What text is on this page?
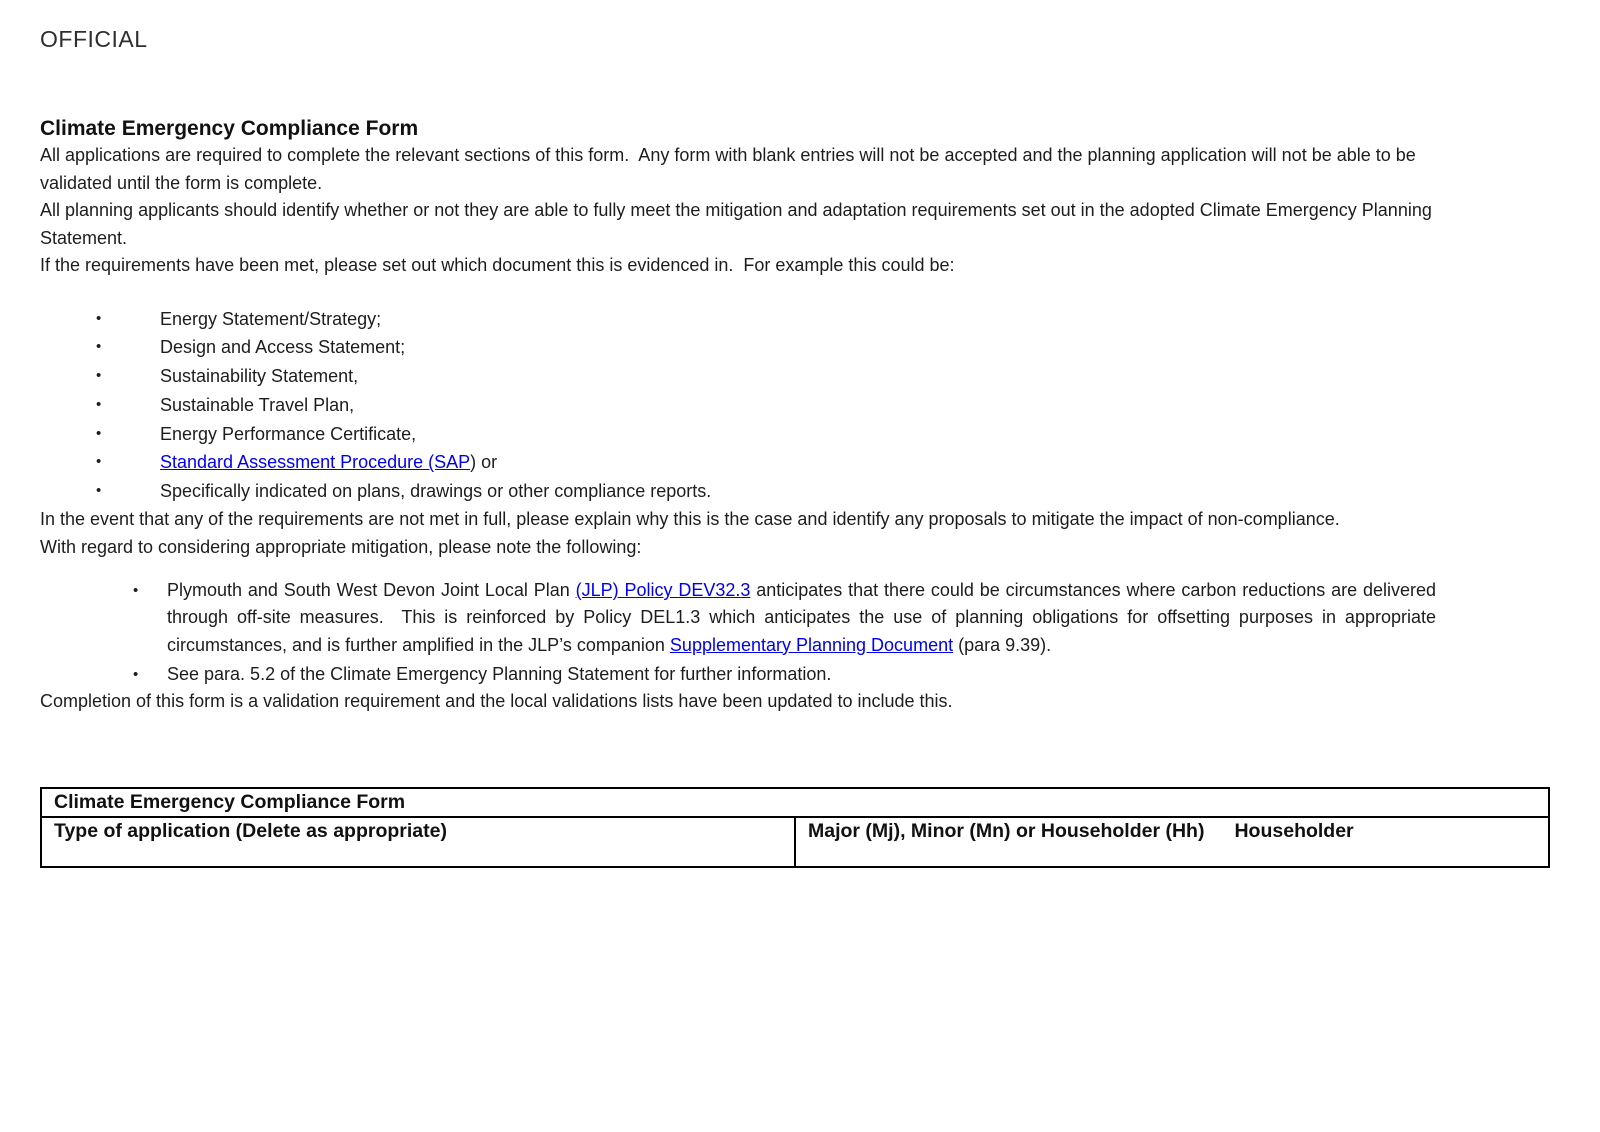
OFFICIAL
Climate Emergency Compliance Form

All applications are required to complete the relevant sections of this form.  Any form with blank entries will not be accepted and the planning application will not be able to be validated until the form is complete.

All planning applicants should identify whether or not they are able to fully meet the mitigation and adaptation requirements set out in the adopted Climate Emergency Planning Statement.

If the requirements have been met, please set out which document this is evidenced in.  For example this could be:

•	Energy Statement/Strategy;
•	Design and Access Statement;
•	Sustainability Statement,
•	Sustainable Travel Plan,
•	Energy Performance Certificate,
•	Standard Assessment Procedure (SAP) or
•	Specifically indicated on plans, drawings or other compliance reports.

In the event that any of the requirements are not met in full, please explain why this is the case and identify any proposals to mitigate the impact of non-compliance.

With regard to considering appropriate mitigation, please note the following:

• Plymouth and South West Devon Joint Local Plan (JLP) Policy DEV32.3 anticipates that there could be circumstances where carbon reductions are delivered through off-site measures.  This is reinforced by Policy DEL1.3 which anticipates the use of planning obligations for offsetting purposes in appropriate circumstances, and is further amplified in the JLP’s companion Supplementary Planning Document (para 9.39).
• See para. 5.2 of the Climate Emergency Planning Statement for further information.

Completion of this form is a validation requirement and the local validations lists have been updated to include this.

Climate Emergency Compliance Form
Type of application (Delete as appropriate)	Major (Mj), Minor (Mn) or Householder (Hh) Householder
